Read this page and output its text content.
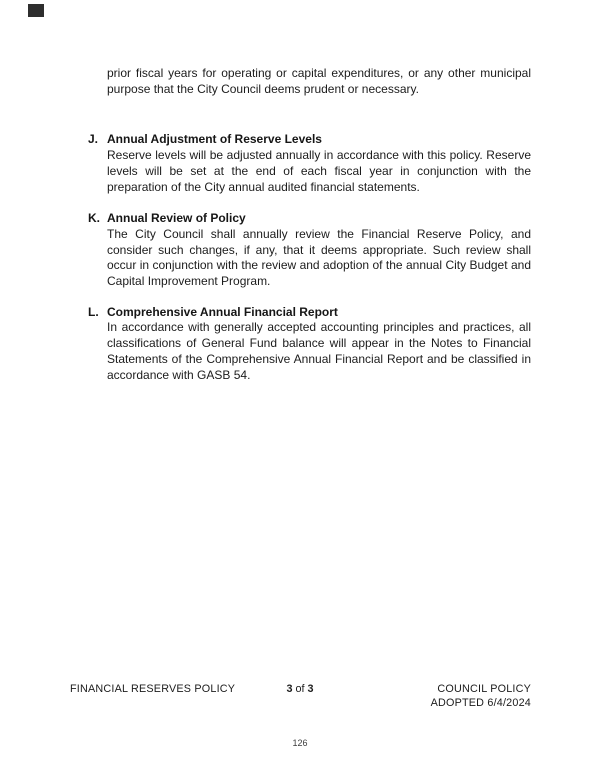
prior fiscal years for operating or capital expenditures, or any other municipal purpose that the City Council deems prudent or necessary.

J. Annual Adjustment of Reserve Levels
Reserve levels will be adjusted annually in accordance with this policy. Reserve levels will be set at the end of each fiscal year in conjunction with the preparation of the City annual audited financial statements.
K. Annual Review of Policy
The City Council shall annually review the Financial Reserve Policy, and consider such changes, if any, that it deems appropriate. Such review shall occur in conjunction with the review and adoption of the annual City Budget and Capital Improvement Program.
L. Comprehensive Annual Financial Report
In accordance with generally accepted accounting principles and practices, all classifications of General Fund balance will appear in the Notes to Financial Statements of the Comprehensive Annual Financial Report and be classified in accordance with GASB 54.
FINANCIAL RESERVES POLICY	3 of 3	COUNCIL POLICY
ADOPTED 6/4/2024
126
